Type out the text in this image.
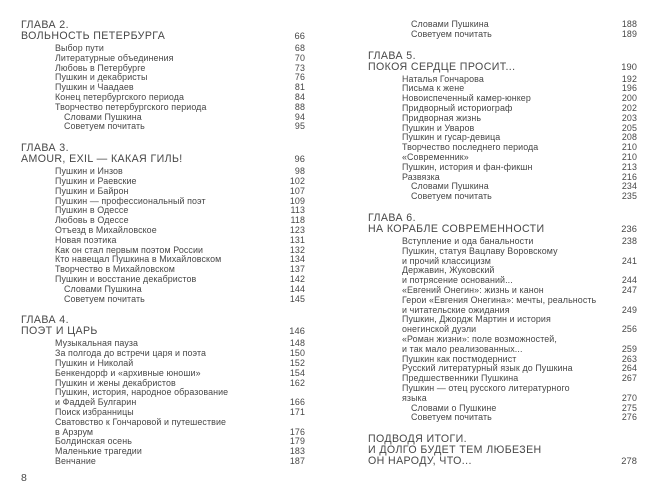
ГЛАВА 2.
ВОЛЬНОСТЬ ПЕТЕРБУРГА	66
Выбор пути	68
Литературные объединения	70
Любовь в Петербурге	73
Пушкин и декабристы	76
Пушкин и Чаадаев	81
Конец петербургского периода	84
Творчество петербургского периода	88
Словами Пушкина	94
Советуем почитать	95
ГЛАВА 3.
AMOUR, EXIL — КАКАЯ ГИЛЬ!	96
Пушкин и Инзов	98
Пушкин и Раевские	102
Пушкин и Байрон	107
Пушкин — профессиональный поэт	109
Пушкин в Одессе	113
Любовь в Одессе	118
Отъезд в Михайловское	123
Новая поэтика	131
Как он стал первым поэтом России	132
Кто навещал Пушкина в Михайловском	134
Творчество в Михайловском	137
Пушкин и восстание декабристов	142
Словами Пушкина	144
Советуем почитать	145
ГЛАВА 4.
ПОЭТ И ЦАРЬ	146
Музыкальная пауза	148
За полгода до встречи царя и поэта	150
Пушкин и Николай	152
Бенкендорф и «архивные юноши»	154
Пушкин и жены декабристов	162
Пушкин, история, народное образование
и Фаддей Булгарин	166
Поиск избранницы	171
Сватовство к Гончаровой и путешествие
в Арзрум	176
Болдинская осень	179
Маленькие трагедии	183
Венчание	187
Словами Пушкина	188
Советуем почитать	189
ГЛАВА 5.
ПОКОЯ СЕРДЦЕ ПРОСИТ...	190
Наталья Гончарова	192
Письма к жене	196
Новоиспеченный камер-юнкер	200
Придворный историограф	202
Придворная жизнь	203
Пушкин и Уваров	205
Пушкин и гусар-девица	208
Творчество последнего периода	210
«Современник»	210
Пушкин, история и фан-фикшн	213
Развязка	216
Словами Пушкина	234
Советуем почитать	235
ГЛАВА 6.
НА КОРАБЛЕ СОВРЕМЕННОСТИ	236
Вступление и ода банальности	238
Пушкин, статуя Вацлаву Воровскому
и прочий классицизм	241
Державин, Жуковский
и потрясение оснований...	244
«Евгений Онегин»: жизнь и канон	247
Герои «Евгения Онегина»: мечты, реальность
и читательские ожидания	249
Пушкин, Джордж Мартин и история
онегинской дуэли	256
«Роман жизни»: поле возможностей,
и так мало реализованных...	259
Пушкин как постмодернист	263
Русский литературный язык до Пушкина	264
Предшественники Пушкина	267
Пушкин — отец русского литературного
языка	270
Словами о Пушкине	275
Советуем почитать	276
ПОДВОДЯ ИТОГИ.
И ДОЛГО БУДЕТ ТЕМ ЛЮБЕЗЕН
ОН НАРОДУ, ЧТО...	278
8
